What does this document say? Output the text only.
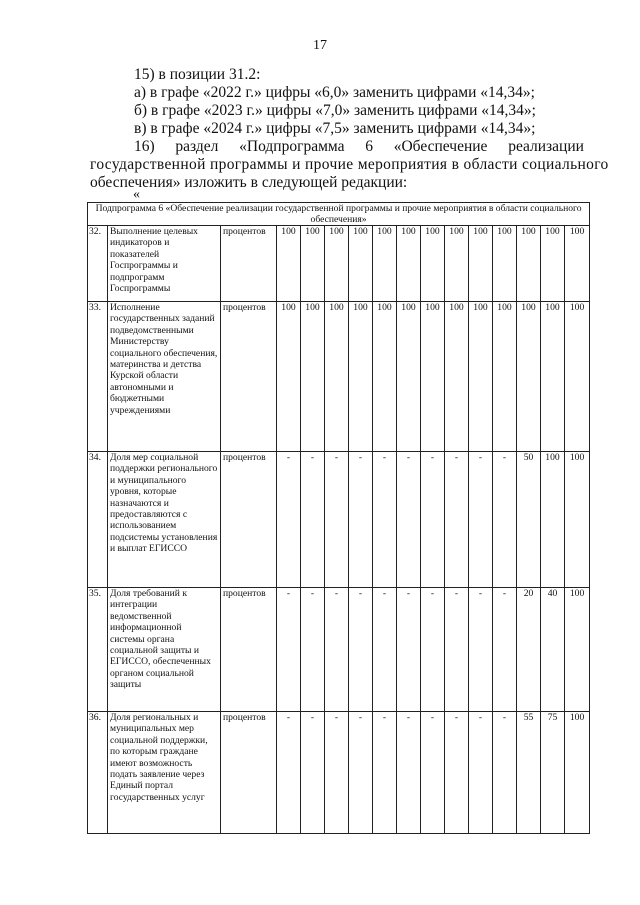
17
15) в позиции 31.2:
а) в графе «2022 г.» цифры «6,0» заменить цифрами «14,34»;
б) в графе «2023 г.» цифры «7,0» заменить цифрами «14,34»;
в) в графе «2024 г.» цифры «7,5» заменить цифрами «14,34»;
16) раздел «Подпрограмма 6 «Обеспечение реализации
государственной программы и прочие мероприятия в области социального
обеспечения» изложить в следующей редакции:
«
Подпрограмма 6 «Обеспечение реализации государственной программы и прочие мероприятия в области социального обеспечения»															
32.	Выполнение целевых индикаторов и показателей Госпрограммы и подпрограмм Госпрограммы	процентов	100	100	100	100	100	100	100	100	100	100	100	100	100
33.	Исполнение государственных заданий подведомственными Министерству социального обеспечения, материнства и детства Курской области автономными и бюджетными учреждениями	процентов	100	100	100	100	100	100	100	100	100	100	100	100	100
34.	Доля мер социальной поддержки регионального и муниципального уровня, которые назначаются и предоставляются с использованием подсистемы установления и выплат ЕГИССО	процентов	-	-	-	-	-	-	-	-	-	-	50	100	100
35.	Доля требований к интеграции ведомственной информационной системы органа социальной защиты и ЕГИССО, обеспеченных органом социальной защиты	процентов	-	-	-	-	-	-	-	-	-	-	20	40	100
36.	Доля региональных и муниципальных мер социальной поддержки, по которым граждане имеют возможность подать заявление через Единый портал государственных услуг	процентов	-	-	-	-	-	-	-	-	-	-	55	75	100
